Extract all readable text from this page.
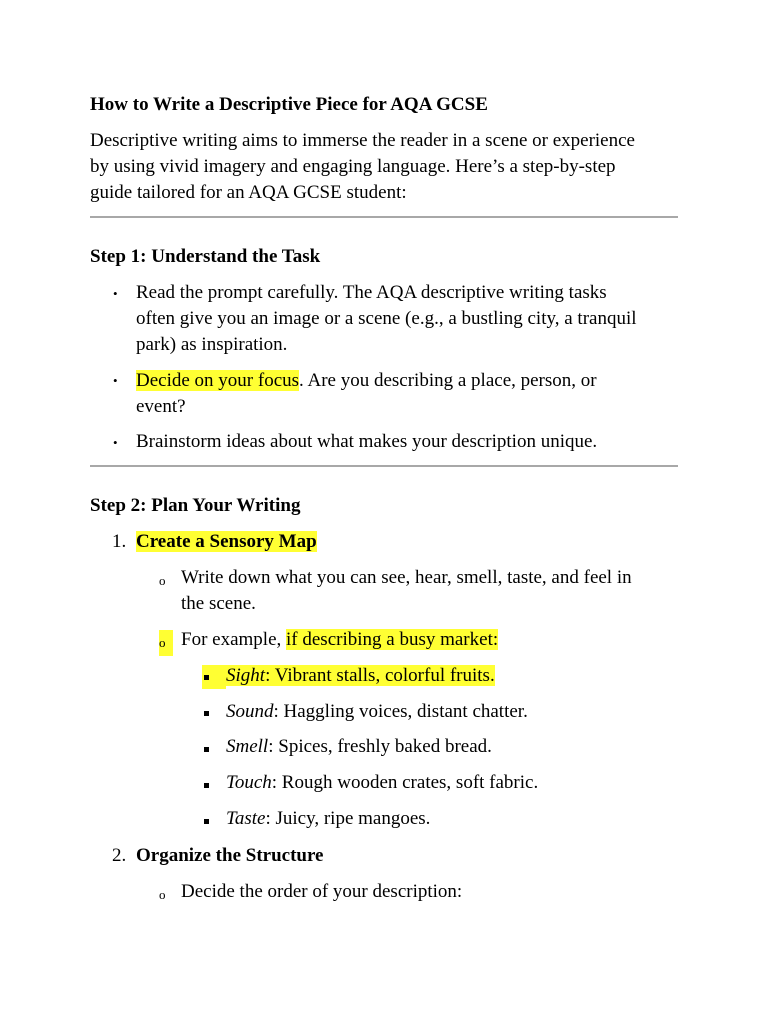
How to Write a Descriptive Piece for AQA GCSE
Descriptive writing aims to immerse the reader in a scene or experience
by using vivid imagery and engaging language. Here’s a step-by-step
guide tailored for an AQA GCSE student:
Step 1: Understand the Task
• Read the prompt carefully. The AQA descriptive writing tasks
often give you an image or a scene (e.g., a bustling city, a tranquil
park) as inspiration.
• Decide on your focus. Are you describing a place, person, or
event?
• Brainstorm ideas about what makes your description unique.
Step 2: Plan Your Writing
1. Create a Sensory Map
o Write down what you can see, hear, smell, taste, and feel in
the scene.
o For example, if describing a busy market:
Sight: Vibrant stalls, colorful fruits.
Sound: Haggling voices, distant chatter.
Smell: Spices, freshly baked bread.
Touch: Rough wooden crates, soft fabric.
Taste: Juicy, ripe mangoes.
2. Organize the Structure
o Decide the order of your description:
